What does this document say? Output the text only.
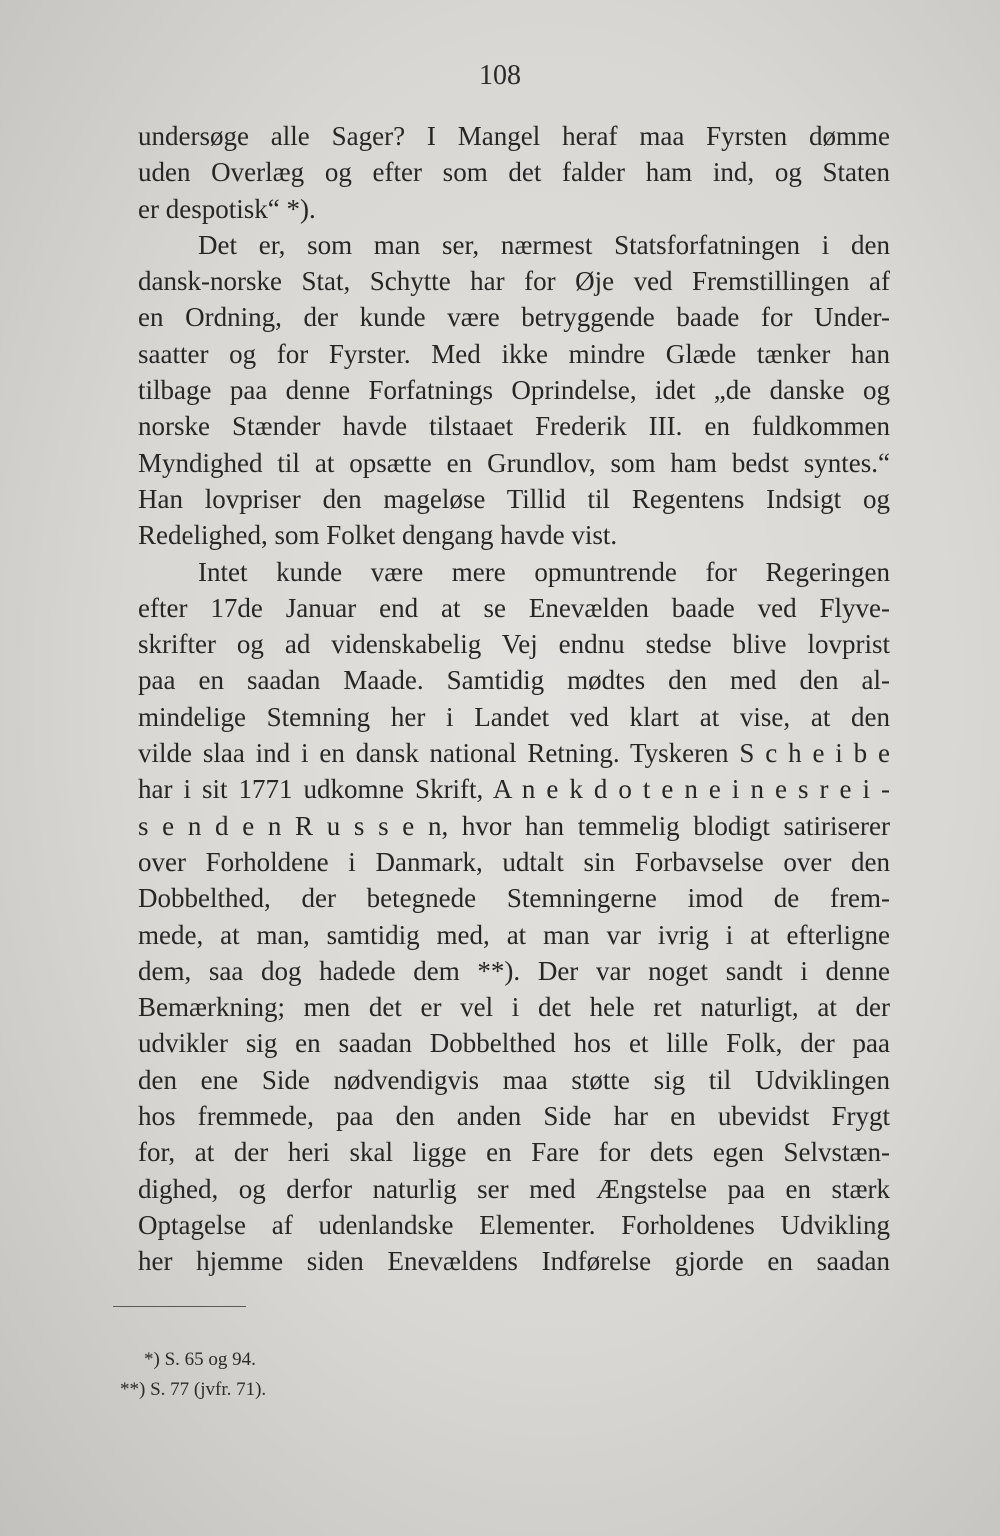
108
undersøge alle Sager? I Mangel heraf maa Fyrsten dømme
uden Overlæg og efter som det falder ham ind, og Staten
er despotisk“ *).
Det er, som man ser, nærmest Statsforfatningen i den
dansk-norske Stat, Schytte har for Øje ved Fremstillingen af
en Ordning, der kunde være betryggende baade for Under-
saatter og for Fyrster. Med ikke mindre Glæde tænker han
tilbage paa denne Forfatnings Oprindelse, idet „de danske og
norske Stænder havde tilstaaet Frederik III. en fuldkommen
Myndighed til at opsætte en Grundlov, som ham bedst syntes.“
Han lovpriser den mageløse Tillid til Regentens Indsigt og
Redelighed, som Folket dengang havde vist.
Intet kunde være mere opmuntrende for Regeringen
efter 17de Januar end at se Enevælden baade ved Flyve-
skrifter og ad videnskabelig Vej endnu stedse blive lovprist
paa en saadan Maade. Samtidig mødtes den med den al-
mindelige Stemning her i Landet ved klart at vise, at den
vilde slaa ind i en dansk national Retning. Tyskeren S c h e i b e
har i sit 1771 udkomne Skrift, A n e k d o t e n e i n e s r e i -
s e n d e n R u s s e n, hvor han temmelig blodigt satiriserer
over Forholdene i Danmark, udtalt sin Forbavselse over den
Dobbelthed, der betegnede Stemningerne imod de frem-
mede, at man, samtidig med, at man var ivrig i at efterligne
dem, saa dog hadede dem **). Der var noget sandt i denne
Bemærkning; men det er vel i det hele ret naturligt, at der
udvikler sig en saadan Dobbelthed hos et lille Folk, der paa
den ene Side nødvendigvis maa støtte sig til Udviklingen
hos fremmede, paa den anden Side har en ubevidst Frygt
for, at der heri skal ligge en Fare for dets egen Selvstæn-
dighed, og derfor naturlig ser med Ængstelse paa en stærk
Optagelse af udenlandske Elementer. Forholdenes Udvikling
her hjemme siden Enevældens Indførelse gjorde en saadan
*) S. 65 og 94.
**) S. 77 (jvfr. 71).
